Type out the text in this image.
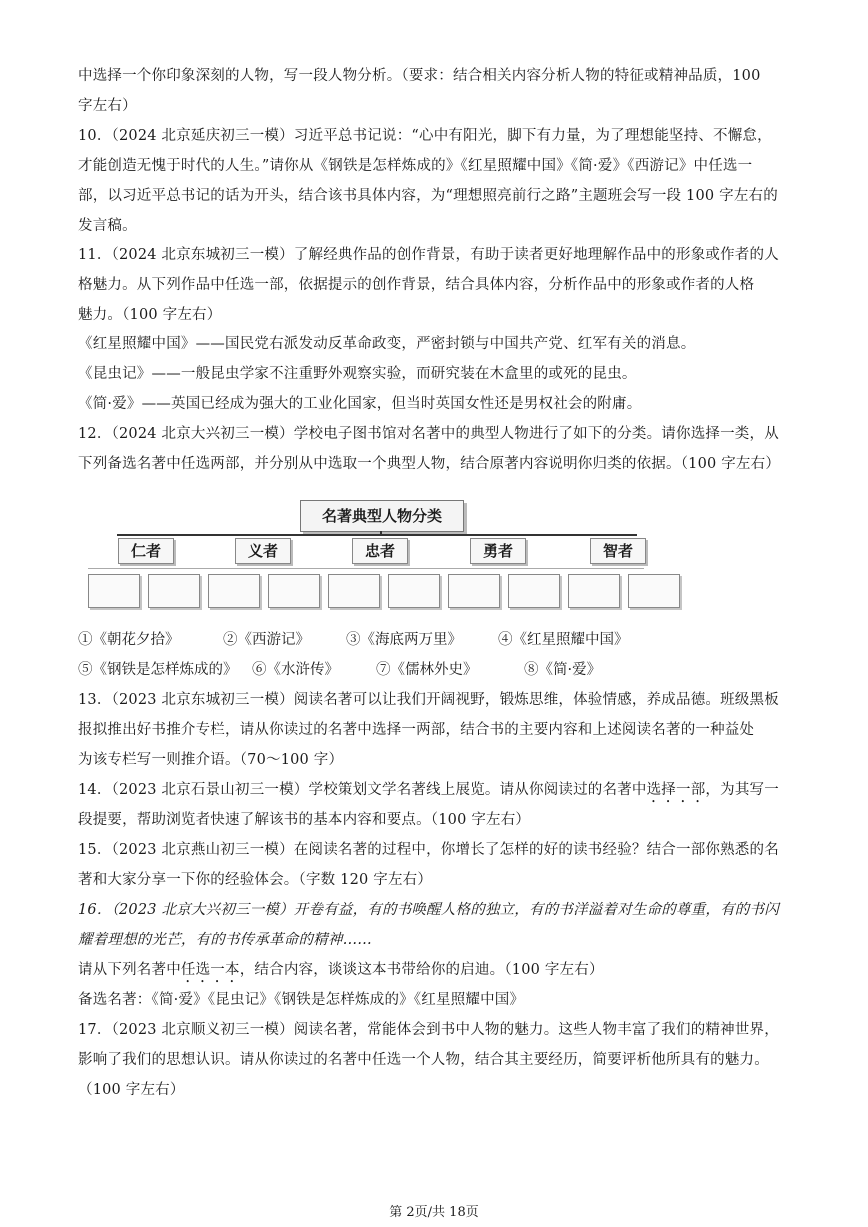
中选择一个你印象深刻的人物，写一段人物分析。（要求：结合相关内容分析人物的特征或精神品质，100
字左右）
10．（2024 北京延庆初三一模）习近平总书记说：“心中有阳光，脚下有力量，为了理想能坚持、不懈怠，
才能创造无愧于时代的人生。”请你从《钢铁是怎样炼成的》《红星照耀中国》《简·爱》《西游记》中任选一
部，以习近平总书记的话为开头，结合该书具体内容，为“理想照亮前行之路”主题班会写一段 100 字左右的
发言稿。
11．（2024 北京东城初三一模）了解经典作品的创作背景，有助于读者更好地理解作品中的形象或作者的人
格魅力。从下列作品中任选一部，依据提示的创作背景，结合具体内容，分析作品中的形象或作者的人格
魅力。（100 字左右）
《红星照耀中国》——国民党右派发动反革命政变，严密封锁与中国共产党、红军有关的消息。
《昆虫记》——一般昆虫学家不注重野外观察实验，而研究装在木盒里的或死的昆虫。
《简·爱》——英国已经成为强大的工业化国家，但当时英国女性还是男权社会的附庸。
12．（2024 北京大兴初三一模）学校电子图书馆对名著中的典型人物进行了如下的分类。请你选择一类，从
下列备选名著中任选两部，并分别从中选取一个典型人物，结合原著内容说明你归类的依据。（100 字左右）
名著典型人物分类
仁者	义者	忠者	勇者	智者
①《朝花夕拾》	②《西游记》 ③《海底两万里》 ④《红星照耀中国》
⑤《钢铁是怎样炼成的》 ⑥《水浒传》	⑦《儒林外史》	⑧《简·爱》
13．（2023 北京东城初三一模）阅读名著可以让我们开阔视野，锻炼思维，体验情感，养成品德。班级黑板
报拟推出好书推介专栏，请从你读过的名著中选择一两部，结合书的主要内容和上述阅读名著的一种益处
为该专栏写一则推介语。（70～100 字）
14．（2023 北京石景山初三一模）学校策划文学名著线上展览。请从你阅读过的名著中选择一部，为其写一
段提要，帮助浏览者快速了解该书的基本内容和要点。（100 字左右）
15．（2023 北京燕山初三一模）在阅读名著的过程中，你增长了怎样的好的读书经验？结合一部你熟悉的名
著和大家分享一下你的经验体会。（字数 120 字左右）
16．（2023 北京大兴初三一模）开卷有益，有的书唤醒人格的独立，有的书洋溢着对生命的尊重，有的书闪
耀着理想的光芒，有的书传承革命的精神……
请从下列名著中任选一本，结合内容，谈谈这本书带给你的启迪。（100 字左右）
备选名著：《简·爱》《昆虫记》《钢铁是怎样炼成的》《红星照耀中国》
17．（2023 北京顺义初三一模）阅读名著，常能体会到书中人物的魅力。这些人物丰富了我们的精神世界，
影响了我们的思想认识。请从你读过的名著中任选一个人物，结合其主要经历，简要评析他所具有的魅力。
（100 字左右）
第 2页/共 18页
